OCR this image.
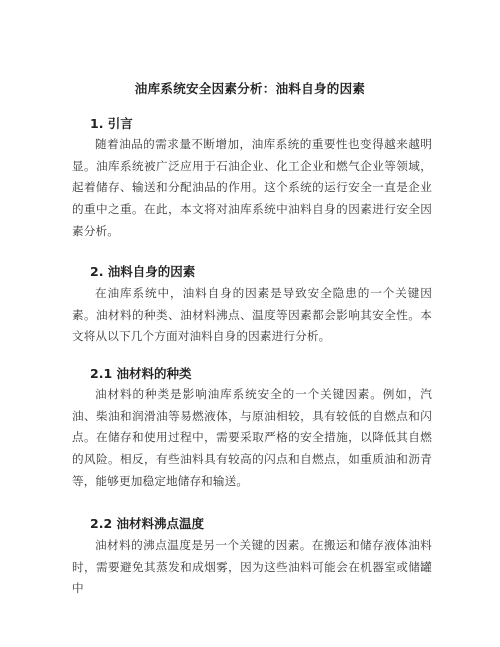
油库系统安全因素分析：油料自身的因素
1. 引言

随着油品的需求量不断增加，油库系统的重要性也变得越来越明显。油库系统被广泛应用于石油企业、化工企业和燃气企业等领域，起着储存、输送和分配油品的作用。这个系统的运行安全一直是企业的重中之重。在此，本文将对油库系统中油料自身的因素进行安全因素分析。

2. 油料自身的因素

在油库系统中，油料自身的因素是导致安全隐患的一个关键因素。油材料的种类、油材料沸点、温度等因素都会影响其安全性。本文将从以下几个方面对油料自身的因素进行分析。

2.1 油材料的种类

油材料的种类是影响油库系统安全的一个关键因素。例如，汽油、柴油和润滑油等易燃液体，与原油相较，具有较低的自燃点和闪点。在储存和使用过程中，需要采取严格的安全措施，以降低其自燃的风险。相反，有些油料具有较高的闪点和自燃点，如重质油和沥青等，能够更加稳定地储存和输送。

2.2 油材料沸点温度

油材料的沸点温度是另一个关键的因素。在搬运和储存液体油料时，需要避免其蒸发和成烟雾，因为这些油料可能会在机器室或储罐中
